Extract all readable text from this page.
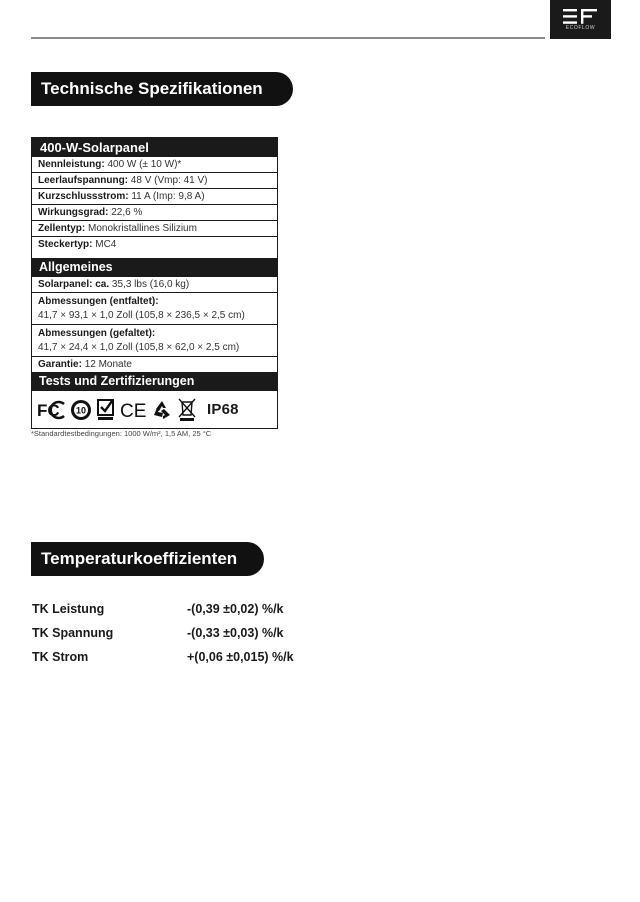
ECOFLOW
Technische Spezifikationen
400-W-Solarpanel
Nennleistung: 400 W (± 10 W)*
Leerlaufspannung: 48 V (Vmp: 41 V)
Kurzschlussstrom: 11 A (Imp: 9,8 A)
Wirkungsgrad: 22,6 %
Zellentyp: Monokristallines Silizium
Steckertyp: MC4
Allgemeines
Solarpanel: ca. 35,3 lbs (16,0 kg)
Abmessungen (entfaltet):
41,7 × 93,1 × 1,0 Zoll (105,8 × 236,5 × 2,5 cm)
Abmessungen (gefaltet):
41,7 × 24,4 × 1,0 Zoll (105,8 × 62,0 × 2,5 cm)
Garantie: 12 Monate
Tests und Zertifizierungen
FC 10 CE	IP68
*Standardtestbedingungen: 1000 W/m², 1,5 AM, 25 °C
Temperaturkoeffizienten
TK Leistung	-(0,39 ±0,02) %/k
TK Spannung	-(0,33 ±0,03) %/k
TK Strom	+(0,06 ±0,015) %/k
